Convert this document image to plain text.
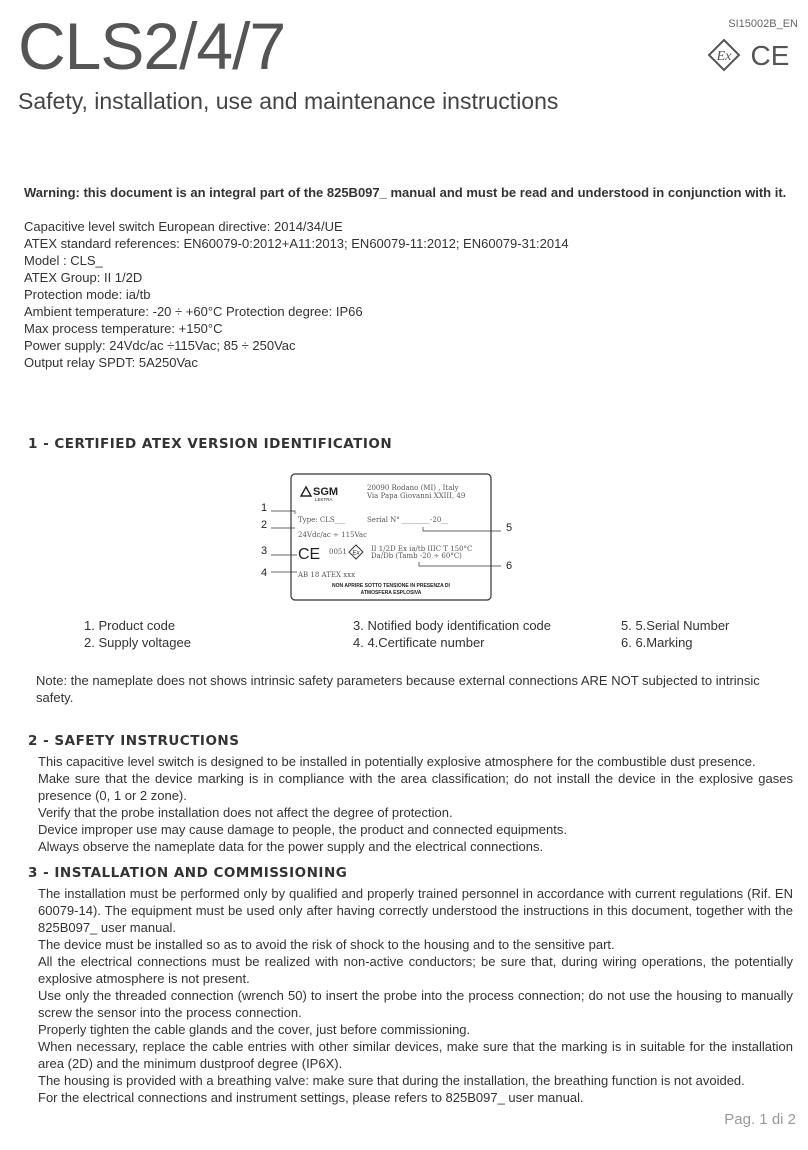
SI15002B_EN
CLS2/4/7
Safety, installation, use and maintenance instructions
Ex CE
Warning: this document is an integral part of the 825B097_ manual and must be read and understood in conjunction with it.
Capacitive level switch European directive: 2014/34/UE
ATEX standard references: EN60079-0:2012+A11:2013; EN60079-11:2012; EN60079-31:2014
Model : CLS_
ATEX Group: II 1/2D
Protection mode: ia/tb
Ambient temperature: -20 ÷ +60°C Protection degree: IP66
Max process temperature: +150°C
Power supply: 24Vdc/ac ÷115Vac; 85 ÷ 250Vac
Output relay SPDT: 5A250Vac
1 - CERTIFIED ATEX VERSION IDENTIFICATION
SGM
LEKTRA
20090 Rodano (MI) , Italy
Via Papa Giovanni XXIII, 49
Type: CLS___	Serial N° ________-20__
24Vdc/ac ÷ 115Vac
CE 0051 Ex
II 1/2D Ex ia/tb IIIC T 150°C
Da/Db (Tamb -20 ÷ 60°C)
AB 18 ATEX xxx
NON APRIRE SOTTO TENSIONE IN PRESENZA DI
ATMOSFERA ESPLOSIVA
1
2
3
4
5
6
1. Product code
2. Supply voltagee
3. Notified body identification code
4. 4.Certificate number
5. 5.Serial Number
6. 6.Marking
Note: the nameplate does not shows intrinsic safety parameters because external connections ARE NOT subjected to intrinsic safety.
2 - SAFETY INSTRUCTIONS

This capacitive level switch is designed to be installed in potentially explosive atmosphere for the combustible dust presence.

Make sure that the device marking is in compliance with the area classification; do not install the device in the explosive gases presence (0, 1 or 2 zone).

Verify that the probe installation does not affect the degree of protection.

Device improper use may cause damage to people, the product and connected equipments.

Always observe the nameplate data for the power supply and the electrical connections.

3 - INSTALLATION AND COMMISSIONING

The installation must be performed only by qualified and properly trained personnel in accordance with current regulations (Rif. EN 60079-14). The equipment must be used only after having correctly understood the instructions in this document, together with the 825B097_ user manual.

The device must be installed so as to avoid the risk of shock to the housing and to the sensitive part.

All the electrical connections must be realized with non-active conductors; be sure that, during wiring operations, the potentially explosive atmosphere is not present.

Use only the threaded connection (wrench 50) to insert the probe into the process connection; do not use the housing to manually screw the sensor into the process connection.

Properly tighten the cable glands and the cover, just before commissioning.

When necessary, replace the cable entries with other similar devices, make sure that the marking is in suitable for the installation area (2D) and the minimum dustproof degree (IP6X).

The housing is provided with a breathing valve: make sure that during the installation, the breathing function is not avoided.

For the electrical connections and instrument settings, please refers to 825B097_ user manual.

Pag. 1 di 2
